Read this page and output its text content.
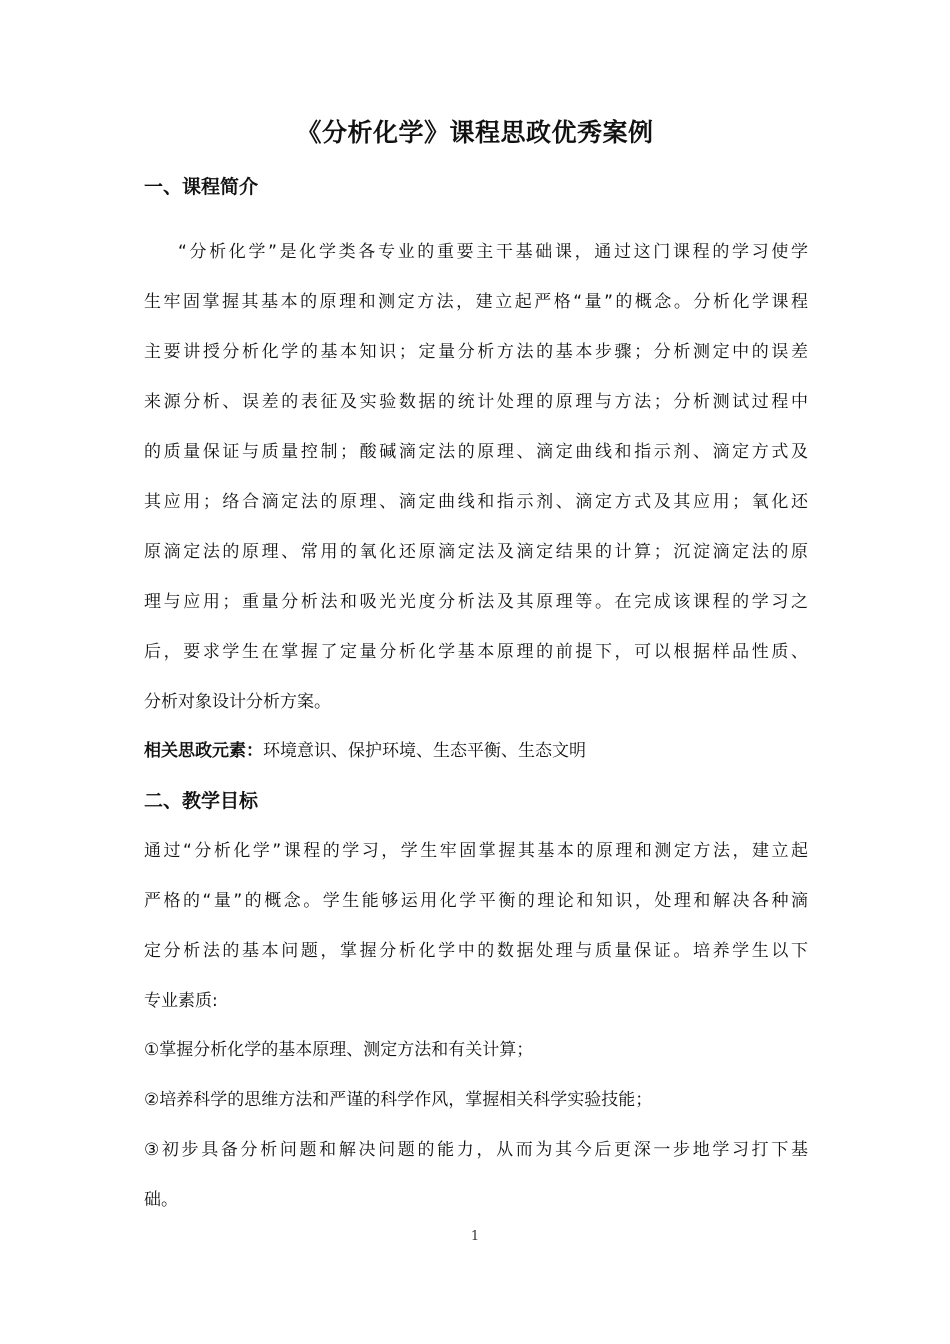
《分析化学》课程思政优秀案例
一、课程简介
“分析化学”是化学类各专业的重要主干基础课，通过这门课程的学习使学
生牢固掌握其基本的原理和测定方法，建立起严格“量”的概念。分析化学课程
主要讲授分析化学的基本知识；定量分析方法的基本步骤；分析测定中的误差
来源分析、误差的表征及实验数据的统计处理的原理与方法；分析测试过程中
的质量保证与质量控制；酸碱滴定法的原理、滴定曲线和指示剂、滴定方式及
其应用；络合滴定法的原理、滴定曲线和指示剂、滴定方式及其应用；氧化还
原滴定法的原理、常用的氧化还原滴定法及滴定结果的计算；沉淀滴定法的原
理与应用；重量分析法和吸光光度分析法及其原理等。在完成该课程的学习之
后，要求学生在掌握了定量分析化学基本原理的前提下，可以根据样品性质、
分析对象设计分析方案。
相关思政元素：环境意识、保护环境、生态平衡、生态文明
二、教学目标
通过“分析化学”课程的学习，学生牢固掌握其基本的原理和测定方法，建立起
严格的“量”的概念。学生能够运用化学平衡的理论和知识，处理和解决各种滴
定分析法的基本问题，掌握分析化学中的数据处理与质量保证。培养学生以下
专业素质:
①掌握分析化学的基本原理、测定方法和有关计算；
②培养科学的思维方法和严谨的科学作风，掌握相关科学实验技能；
③初步具备分析问题和解决问题的能力，从而为其今后更深一步地学习打下基
础。
1
